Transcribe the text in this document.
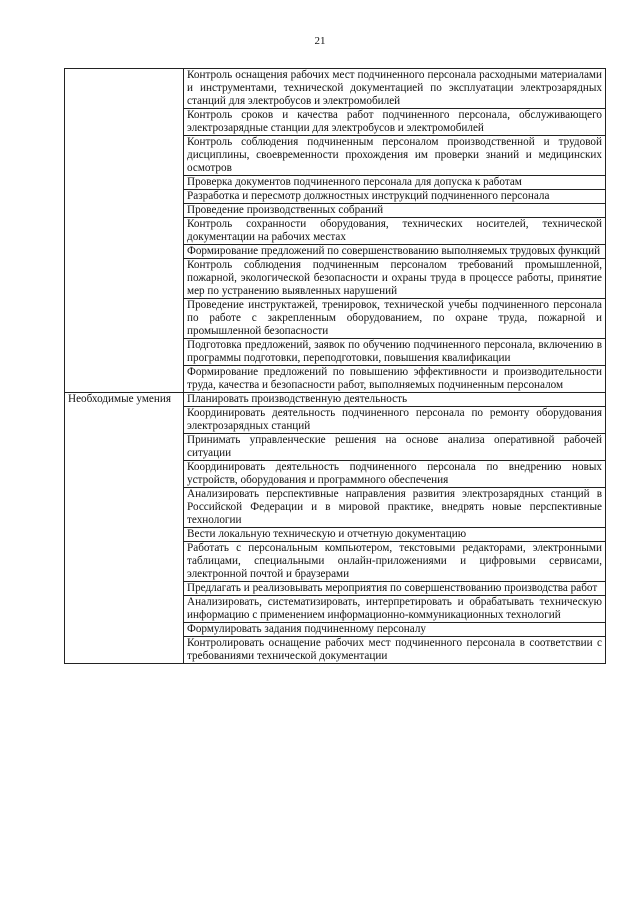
21
	Контроль оснащения рабочих мест подчиненного персонала расходными материалами и инструментами, технической документацией по эксплуатации электрозарядных станций для электробусов и электромобилей
	Контроль сроков и качества работ подчиненного персонала, обслуживающего электрозарядные станции для электробусов и электромобилей
	Контроль соблюдения подчиненным персоналом производственной и трудовой дисциплины, своевременности прохождения им проверки знаний и медицинских осмотров
	Проверка документов подчиненного персонала для допуска к работам
	Разработка и пересмотр должностных инструкций подчиненного персонала
	Проведение производственных собраний
	Контроль сохранности оборудования, технических носителей, технической документации на рабочих местах
	Формирование предложений по совершенствованию выполняемых трудовых функций
	Контроль соблюдения подчиненным персоналом требований промышленной, пожарной, экологической безопасности и охраны труда в процессе работы, принятие мер по устранению выявленных нарушений
	Проведение инструктажей, тренировок, технической учебы подчиненного персонала по работе с закрепленным оборудованием, по охране труда, пожарной и промышленной безопасности
	Подготовка предложений, заявок по обучению подчиненного персонала, включению в программы подготовки, переподготовки, повышения квалификации
	Формирование предложений по повышению эффективности и производительности труда, качества и безопасности работ, выполняемых подчиненным персоналом
Необходимые умения	Планировать производственную деятельность
	Координировать деятельность подчиненного персонала по ремонту оборудования электрозарядных станций
	Принимать управленческие решения на основе анализа оперативной рабочей ситуации
	Координировать деятельность подчиненного персонала по внедрению новых устройств, оборудования и программного обеспечения
	Анализировать перспективные направления развития электрозарядных станций в Российской Федерации и в мировой практике, внедрять новые перспективные технологии
	Вести локальную техническую и отчетную документацию
	Работать с персональным компьютером, текстовыми редакторами, электронными таблицами, специальными онлайн-приложениями и цифровыми сервисами, электронной почтой и браузерами
	Предлагать и реализовывать мероприятия по совершенствованию производства работ
	Анализировать, систематизировать, интерпретировать и обрабатывать техническую информацию с применением информационно-коммуникационных технологий
	Формулировать задания подчиненному персоналу
	Контролировать оснащение рабочих мест подчиненного персонала в соответствии с требованиями технической документации
